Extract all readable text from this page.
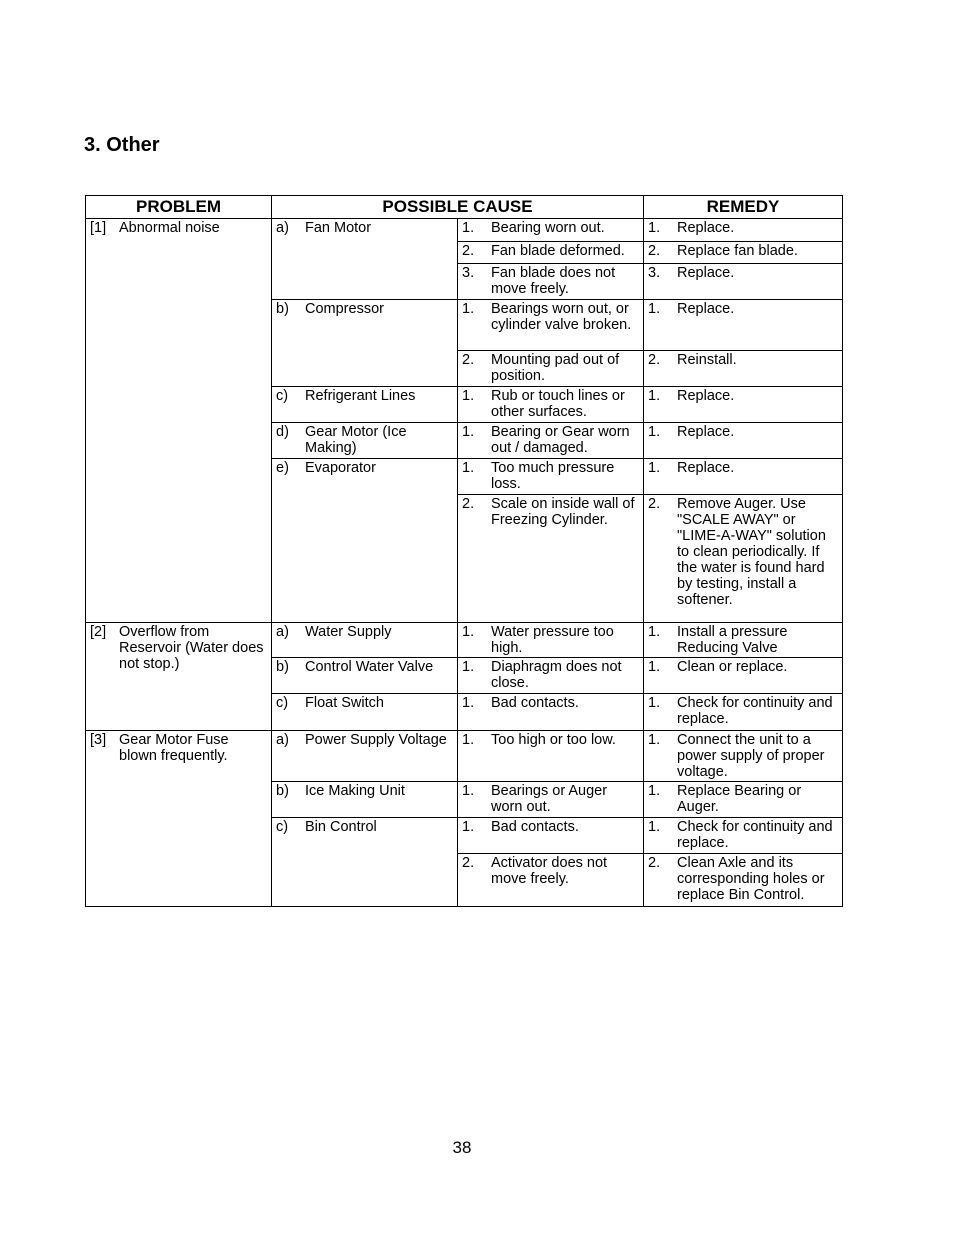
3. Other
PROBLEM	POSSIBLE CAUSE		REMEDY

[1] Abnormal noise	a) Fan Motor	1. Bearing worn out.	1. Replace.

		2. Fan blade deformed.	2. Replace fan blade.

		3. Fan blade does not move freely.	3. Replace.

	b) Compressor	1. Bearings worn out, or cylinder valve broken.	1. Replace.

		2. Mounting pad out of position.	2. Reinstall.

	c) Refrigerant Lines	1. Rub or touch lines or other surfaces.	1. Replace.

	d) Gear Motor (Ice Making)	1. Bearing or Gear worn out / damaged.	1. Replace.

	e) Evaporator	1. Too much pressure loss.	1. Replace.

		2. Scale on inside wall of Freezing Cylinder.	2. Remove Auger. Use "SCALE AWAY" or "LIME-A-WAY" solution to clean periodically. If the water is found hard by testing, install a softener.

[2] Overflow from Reservoir (Water does not stop.)	a) Water Supply	1. Water pressure too high.	1. Install a pressure Reducing Valve

	b) Control Water Valve	1. Diaphragm does not close.	1. Clean or replace.

	c) Float Switch	1. Bad contacts.	1. Check for continuity and replace.

[3] Gear Motor Fuse blown frequently.	a) Power Supply Voltage	1. Too high or too low.	1. Connect the unit to a power supply of proper voltage.

	b) Ice Making Unit	1. Bearings or Auger worn out.	1. Replace Bearing or Auger.

	c) Bin Control	1. Bad contacts.	1. Check for continuity and replace.

		2. Activator does not move freely.	2. Clean Axle and its corresponding holes or replace Bin Control.
38
